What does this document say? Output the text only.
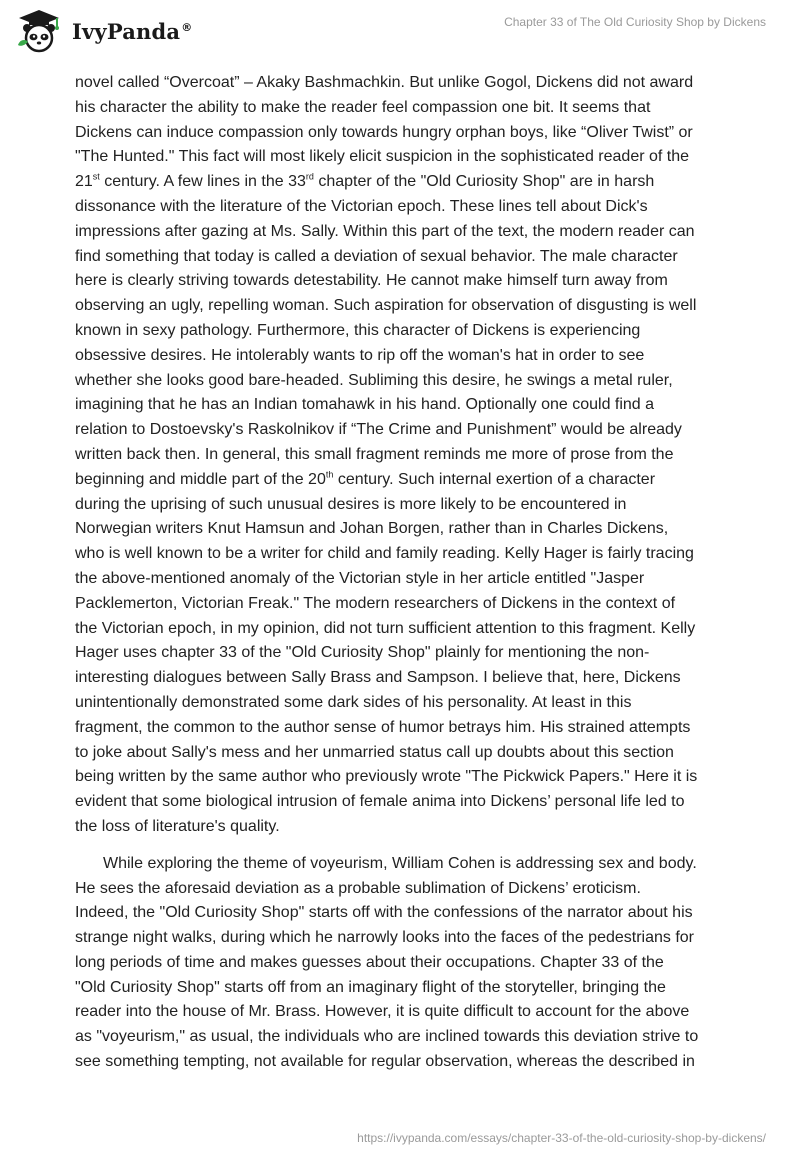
IvyPanda®	Chapter 33 of The Old Curiosity Shop by Dickens

novel called “Overcoat” – Akaky Bashmachkin. But unlike Gogol, Dickens did not award
his character the ability to make the reader feel compassion one bit. It seems that
Dickens can induce compassion only towards hungry orphan boys, like “Oliver Twist” or
"The Hunted." This fact will most likely elicit suspicion in the sophisticated reader of the
21st century. A few lines in the 33rd chapter of the "Old Curiosity Shop" are in harsh
dissonance with the literature of the Victorian epoch. These lines tell about Dick's
impressions after gazing at Ms. Sally. Within this part of the text, the modern reader can
find something that today is called a deviation of sexual behavior. The male character
here is clearly striving towards detestability. He cannot make himself turn away from
observing an ugly, repelling woman. Such aspiration for observation of disgusting is well
known in sexy pathology. Furthermore, this character of Dickens is experiencing
obsessive desires. He intolerably wants to rip off the woman's hat in order to see
whether she looks good bare-headed. Subliming this desire, he swings a metal ruler,
imagining that he has an Indian tomahawk in his hand. Optionally one could find a
relation to Dostoevsky's Raskolnikov if “The Crime and Punishment” would be already
written back then. In general, this small fragment reminds me more of prose from the
beginning and middle part of the 20th century. Such internal exertion of a character
during the uprising of such unusual desires is more likely to be encountered in
Norwegian writers Knut Hamsun and Johan Borgen, rather than in Charles Dickens,
who is well known to be a writer for child and family reading. Kelly Hager is fairly tracing
the above-mentioned anomaly of the Victorian style in her article entitled "Jasper
Packlemerton, Victorian Freak." The modern researchers of Dickens in the context of
the Victorian epoch, in my opinion, did not turn sufficient attention to this fragment. Kelly
Hager uses chapter 33 of the "Old Curiosity Shop" plainly for mentioning the non-
interesting dialogues between Sally Brass and Sampson. I believe that, here, Dickens
unintentionally demonstrated some dark sides of his personality. At least in this
fragment, the common to the author sense of humor betrays him. His strained attempts
to joke about Sally's mess and her unmarried status call up doubts about this section
being written by the same author who previously wrote "The Pickwick Papers." Here it is
evident that some biological intrusion of female anima into Dickens’ personal life led to
the loss of literature's quality.

While exploring the theme of voyeurism, William Cohen is addressing sex and body.
He sees the aforesaid deviation as a probable sublimation of Dickens’ eroticism.
Indeed, the "Old Curiosity Shop" starts off with the confessions of the narrator about his
strange night walks, during which he narrowly looks into the faces of the pedestrians for
long periods of time and makes guesses about their occupations. Chapter 33 of the
"Old Curiosity Shop" starts off from an imaginary flight of the storyteller, bringing the
reader into the house of Mr. Brass. However, it is quite difficult to account for the above
as "voyeurism," as usual, the individuals who are inclined towards this deviation strive to
see something tempting, not available for regular observation, whereas the described in

https://ivypanda.com/essays/chapter-33-of-the-old-curiosity-shop-by-dickens/
